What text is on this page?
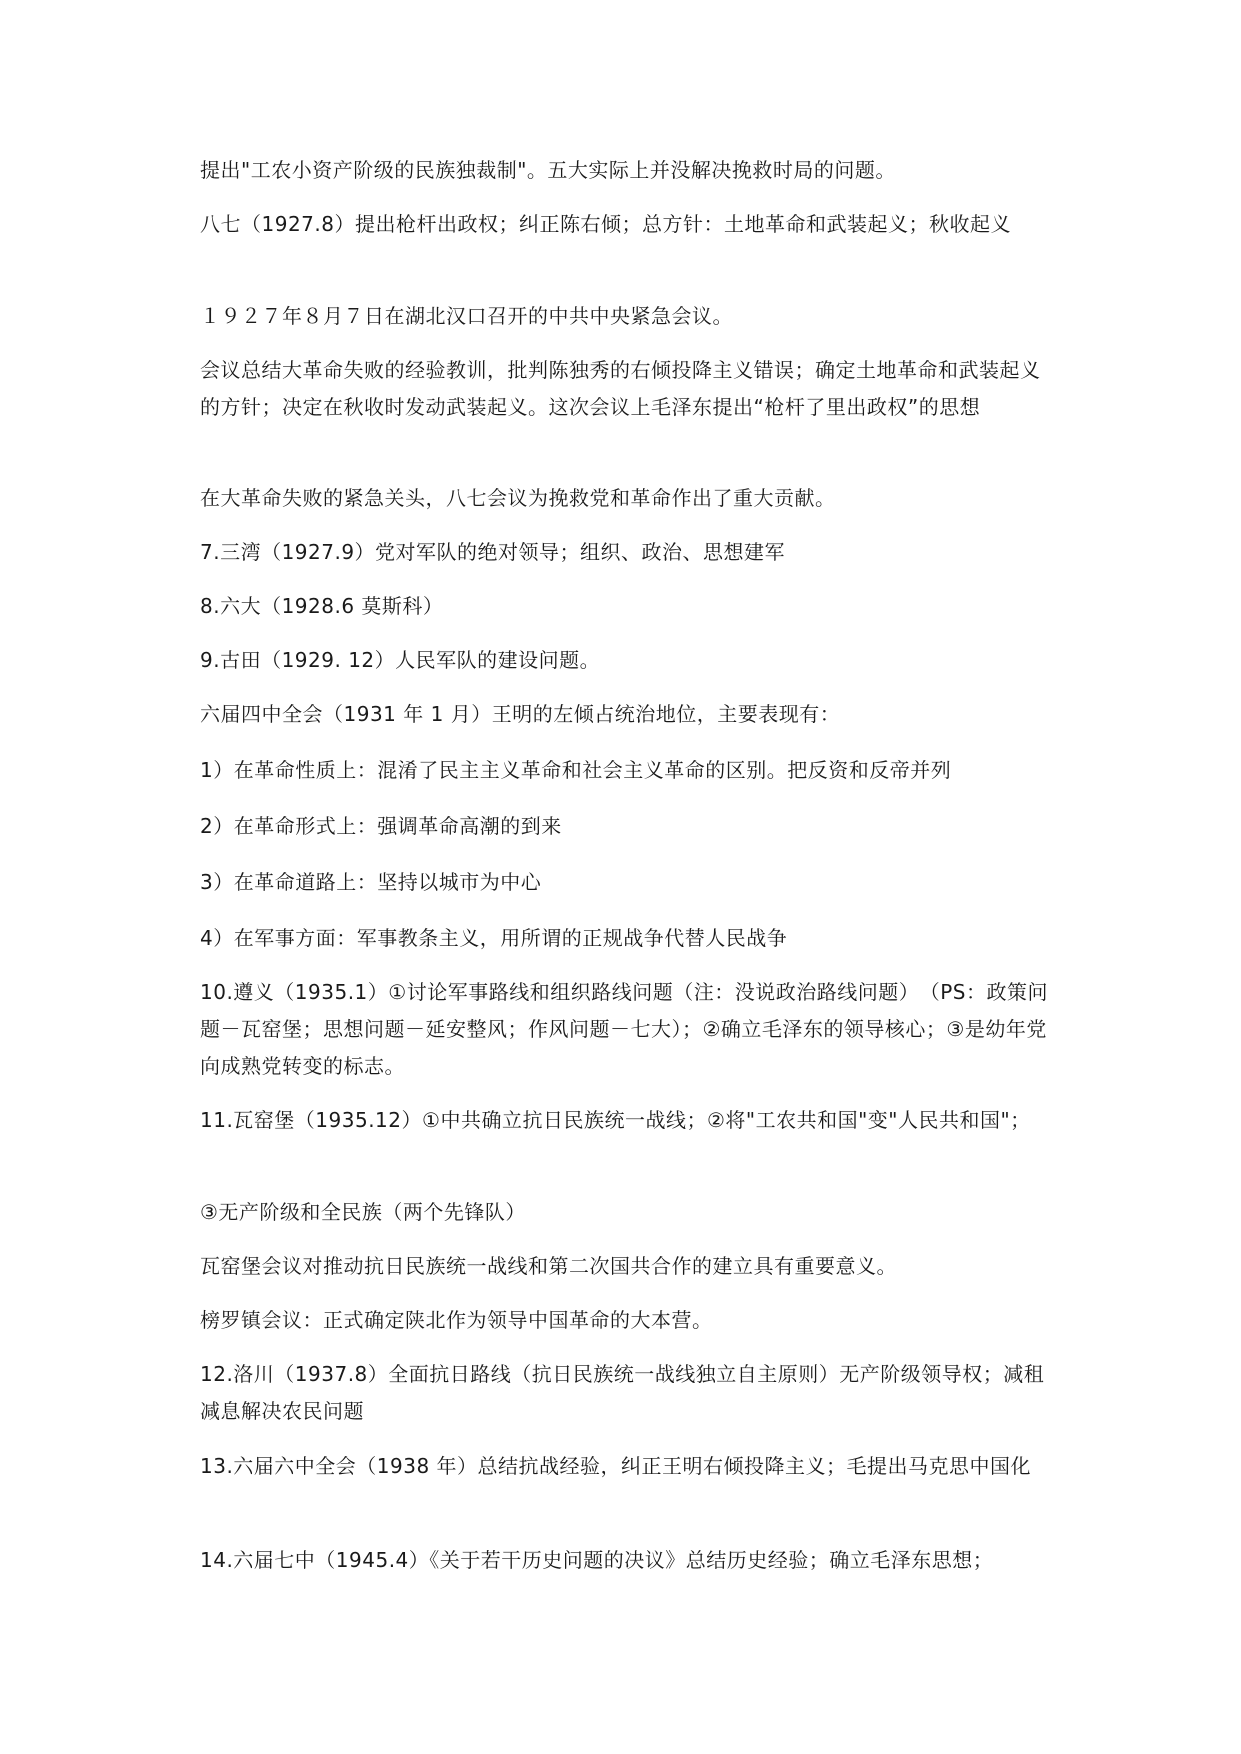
提出"工农小资产阶级的民族独裁制"。五大实际上并没解决挽救时局的问题。

八七（1927.8）提出枪杆出政权；纠正陈右倾；总方针：土地革命和武装起义；秋收起义

１９２７年８月７日在湖北汉口召开的中共中央紧急会议。

会议总结大革命失败的经验教训，批判陈独秀的右倾投降主义错误；确定土地革命和武装起义的方针；决定在秋收时发动武装起义。这次会议上毛泽东提出“枪杆了里出政权”的思想

在大革命失败的紧急关头，八七会议为挽救党和革命作出了重大贡献。

7.三湾（1927.9）党对军队的绝对领导；组织、政治、思想建军

8.六大（1928.6 莫斯科）

9.古田（1929. 12）人民军队的建设问题。

六届四中全会（1931 年 1 月）王明的左倾占统治地位，主要表现有：

1）在革命性质上：混淆了民主主义革命和社会主义革命的区别。把反资和反帝并列

2）在革命形式上：强调革命高潮的到来

3）在革命道路上：坚持以城市为中心

4）在军事方面：军事教条主义，用所谓的正规战争代替人民战争

10.遵义（1935.1）①讨论军事路线和组织路线问题（注：没说政治路线问题）　（PS：政策问题－瓦窑堡；思想问题－延安整风；作风问题－七大）；②确立毛泽东的领导核心；③是幼年党向成熟党转变的标志。

11.瓦窑堡（1935.12）①中共确立抗日民族统一战线；②将"工农共和国"变"人民共和国"；

③无产阶级和全民族（两个先锋队）

瓦窑堡会议对推动抗日民族统一战线和第二次国共合作的建立具有重要意义。

榜罗镇会议：正式确定陕北作为领导中国革命的大本营。

12.洛川（1937.8）全面抗日路线（抗日民族统一战线独立自主原则）无产阶级领导权；减租减息解决农民问题

13.六届六中全会（1938 年）总结抗战经验，纠正王明右倾投降主义；毛提出马克思中国化

14.六届七中（1945.4）《关于若干历史问题的决议》总结历史经验；确立毛泽东思想；
